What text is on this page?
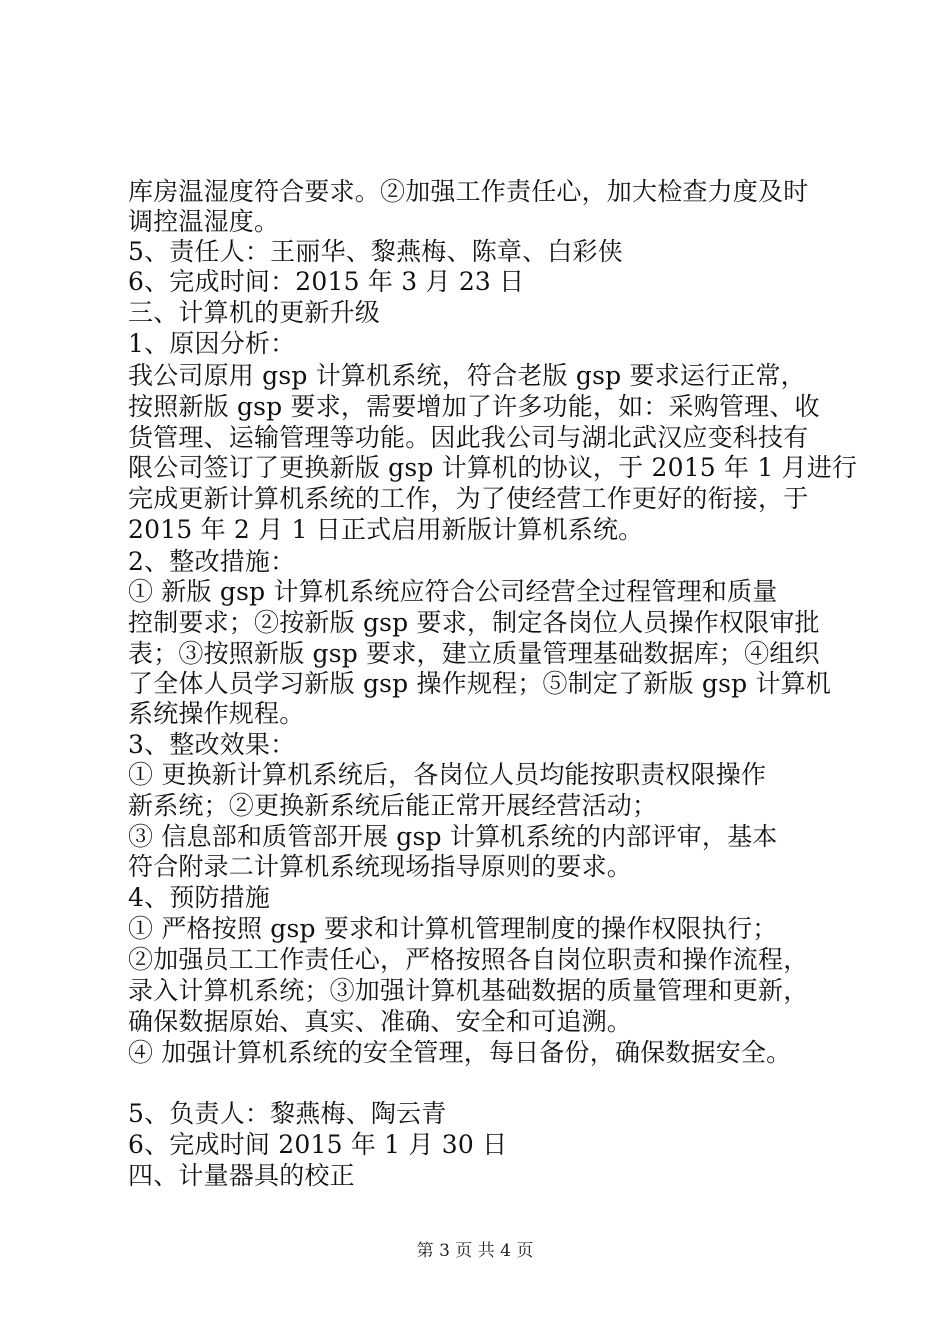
库房温湿度符合要求。②加强工作责任心，加大检查力度及时
调控温湿度。
5、责任人：王丽华、黎燕梅、陈章、白彩侠
6、完成时间：2015 年 3 月 23 日
三、计算机的更新升级
1、原因分析：
我公司原用 gsp 计算机系统，符合老版 gsp 要求运行正常，
按照新版 gsp 要求，需要增加了许多功能，如：采购管理、收
货管理、运输管理等功能。因此我公司与湖北武汉应变科技有
限公司签订了更换新版 gsp 计算机的协议，于 2015 年 1 月进行
完成更新计算机系统的工作，为了使经营工作更好的衔接，于
2015 年 2 月 1 日正式启用新版计算机系统。
2、整改措施：
① 新版 gsp 计算机系统应符合公司经营全过程管理和质量
控制要求；②按新版 gsp 要求，制定各岗位人员操作权限审批
表；③按照新版 gsp 要求，建立质量管理基础数据库；④组织
了全体人员学习新版 gsp 操作规程；⑤制定了新版 gsp 计算机
系统操作规程。
3、整改效果：
① 更换新计算机系统后，各岗位人员均能按职责权限操作
新系统；②更换新系统后能正常开展经营活动；
③ 信息部和质管部开展 gsp 计算机系统的内部评审，基本
符合附录二计算机系统现场指导原则的要求。
4、预防措施
① 严格按照 gsp 要求和计算机管理制度的操作权限执行；
②加强员工工作责任心，严格按照各自岗位职责和操作流程，
录入计算机系统；③加强计算机基础数据的质量管理和更新，
确保数据原始、真实、准确、安全和可追溯。
④ 加强计算机系统的安全管理，每日备份，确保数据安全。
5、负责人：黎燕梅、陶云青
6、完成时间 2015 年 1 月 30 日
四、计量器具的校正
第 3 页 共 4 页
